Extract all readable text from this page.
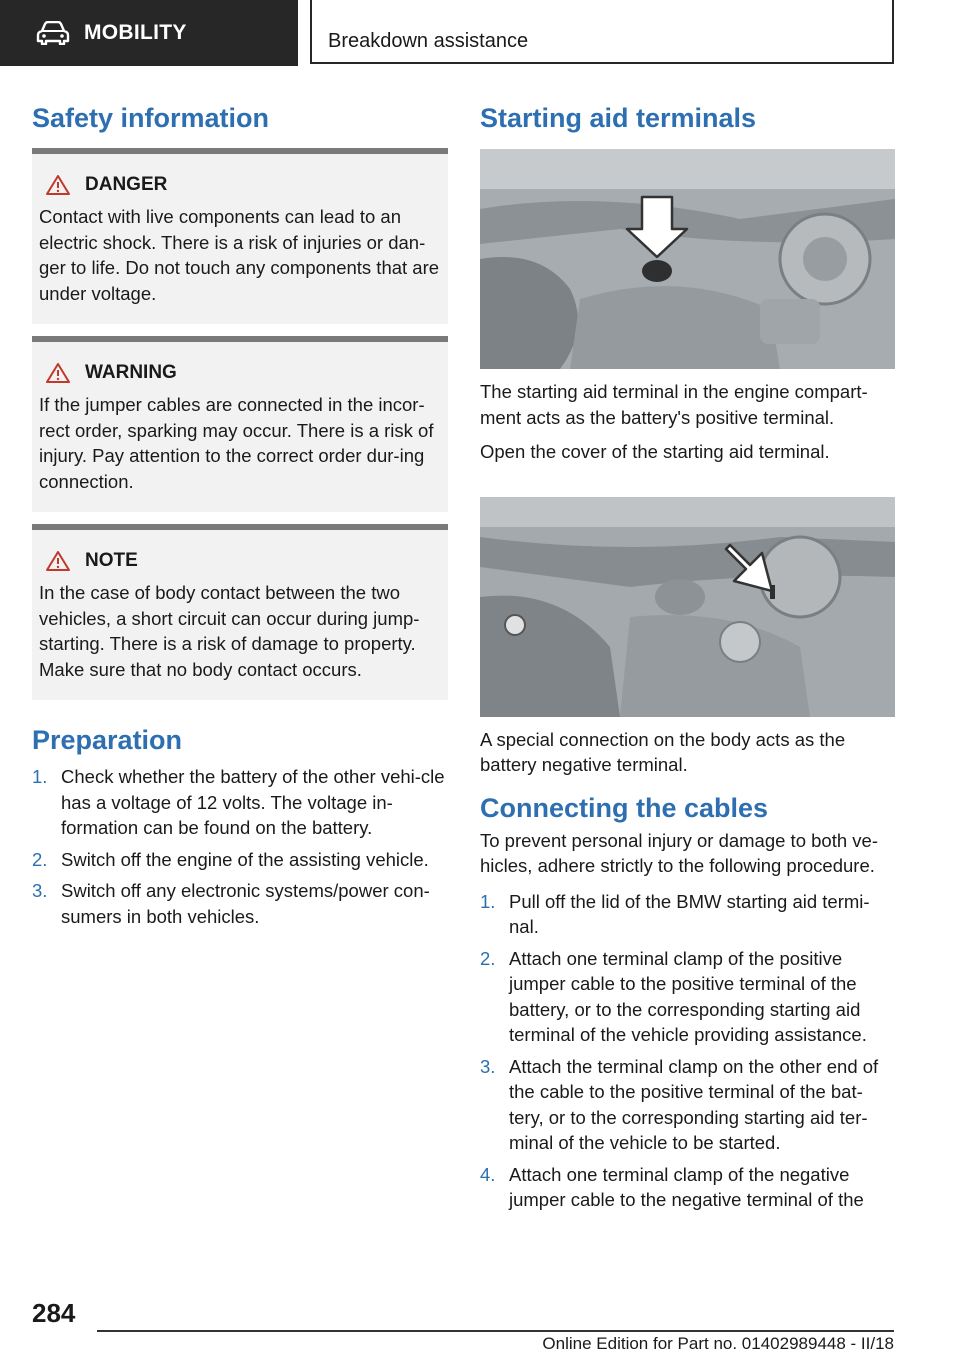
MOBILITY	Breakdown assistance
Safety information
DANGER

Contact with live components can lead to an electric shock. There is a risk of injuries or dan-ger to life. Do not touch any components that are under voltage.

WARNING

If the jumper cables are connected in the incor-rect order, sparking may occur. There is a risk of injury. Pay attention to the correct order dur-ing connection.

NOTE

In the case of body contact between the two vehicles, a short circuit can occur during jump-starting. There is a risk of damage to property. Make sure that no body contact occurs.

Preparation
1. Check whether the battery of the other vehi-cle has a voltage of 12 volts. The voltage in-formation can be found on the battery.
2. Switch off the engine of the assisting vehicle.
3. Switch off any electronic systems/power con-sumers in both vehicles.
Starting aid terminals

The starting aid terminal in the engine compart-ment acts as the battery's positive terminal.

Open the cover of the starting aid terminal.

A special connection on the body acts as the battery negative terminal.

Connecting the cables

To prevent personal injury or damage to both ve-hicles, adhere strictly to the following procedure.

1. Pull off the lid of the BMW starting aid termi-nal.
2. Attach one terminal clamp of the positive jumper cable to the positive terminal of the battery, or to the corresponding starting aid terminal of the vehicle providing assistance.
3. Attach the terminal clamp on the other end of the cable to the positive terminal of the bat-tery, or to the corresponding starting aid ter-minal of the vehicle to be started.
4. Attach one terminal clamp of the negative jumper cable to the negative terminal of the
284
Online Edition for Part no. 01402989448 - II/18
